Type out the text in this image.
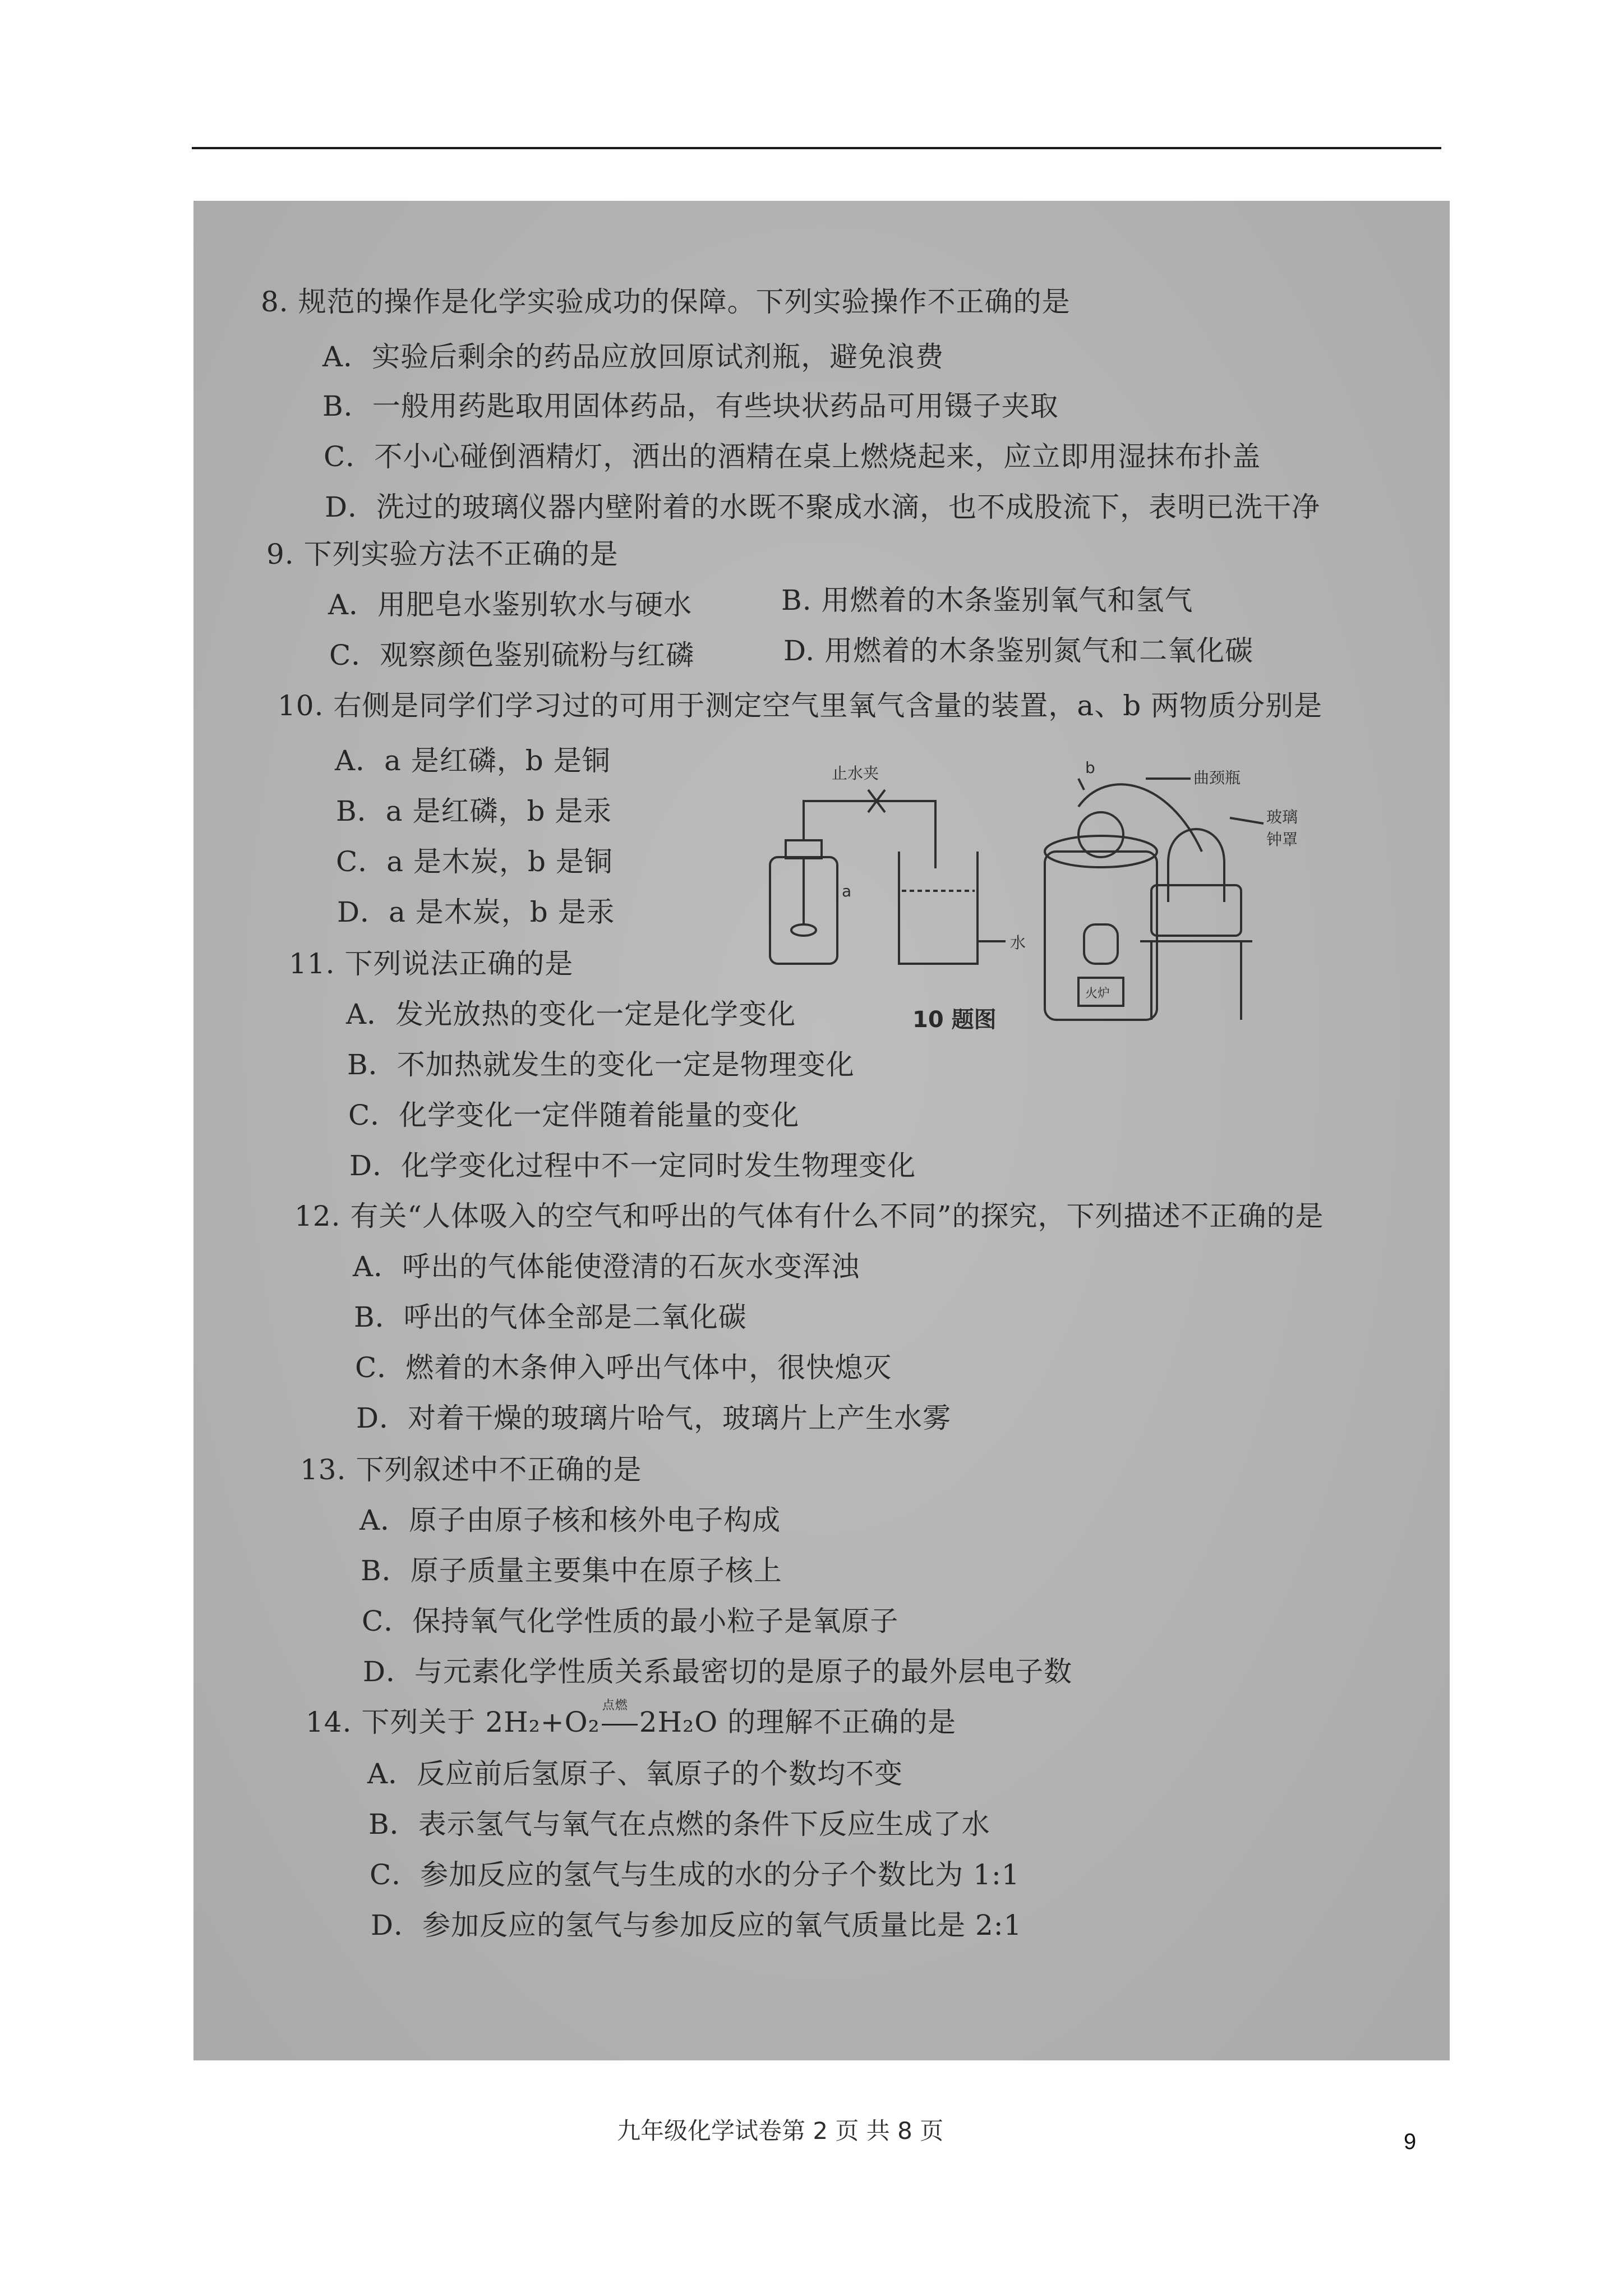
8. 规范的操作是化学实验成功的保障。下列实验操作不正确的是
A．实验后剩余的药品应放回原试剂瓶，避免浪费
B．一般用药匙取用固体药品，有些块状药品可用镊子夹取
C．不小心碰倒酒精灯，洒出的酒精在桌上燃烧起来，应立即用湿抹布扑盖
D．洗过的玻璃仪器内壁附着的水既不聚成水滴，也不成股流下，表明已洗干净
9. 下列实验方法不正确的是
A．用肥皂水鉴别软水与硬水	B. 用燃着的木条鉴别氧气和氢气
C．观察颜色鉴别硫粉与红磷	D. 用燃着的木条鉴别氮气和二氧化碳
10. 右侧是同学们学习过的可用于测定空气里氧气含量的装置，a、b 两物质分别是
A．a 是红磷，b 是铜
B．a 是红磷，b 是汞
C．a 是木炭，b 是铜
D．a 是木炭，b 是汞
止水夹
a
水
b
曲颈瓶
玻璃
钟罩
火炉
10 题图
11. 下列说法正确的是
A．发光放热的变化一定是化学变化
B．不加热就发生的变化一定是物理变化
C．化学变化一定伴随着能量的变化
D．化学变化过程中不一定同时发生物理变化
12. 有关“人体吸入的空气和呼出的气体有什么不同”的探究，下列描述不正确的是
A．呼出的气体能使澄清的石灰水变浑浊
B．呼出的气体全部是二氧化碳
C．燃着的木条伸入呼出气体中，很快熄灭
D．对着干燥的玻璃片哈气，玻璃片上产生水雾
13. 下列叙述中不正确的是
A．原子由原子核和核外电子构成
B．原子质量主要集中在原子核上
C．保持氧气化学性质的最小粒子是氧原子
D．与元素化学性质关系最密切的是原子的最外层电子数
14. 下列关于 2H₂+O₂
点燃
2H₂O 的理解不正确的是
A．反应前后氢原子、氧原子的个数均不变
B．表示氢气与氧气在点燃的条件下反应生成了水
C．参加反应的氢气与生成的水的分子个数比为 1:1
D．参加反应的氢气与参加反应的氧气质量比是 2:1
九年级化学试卷第 2 页 共 8 页	9
